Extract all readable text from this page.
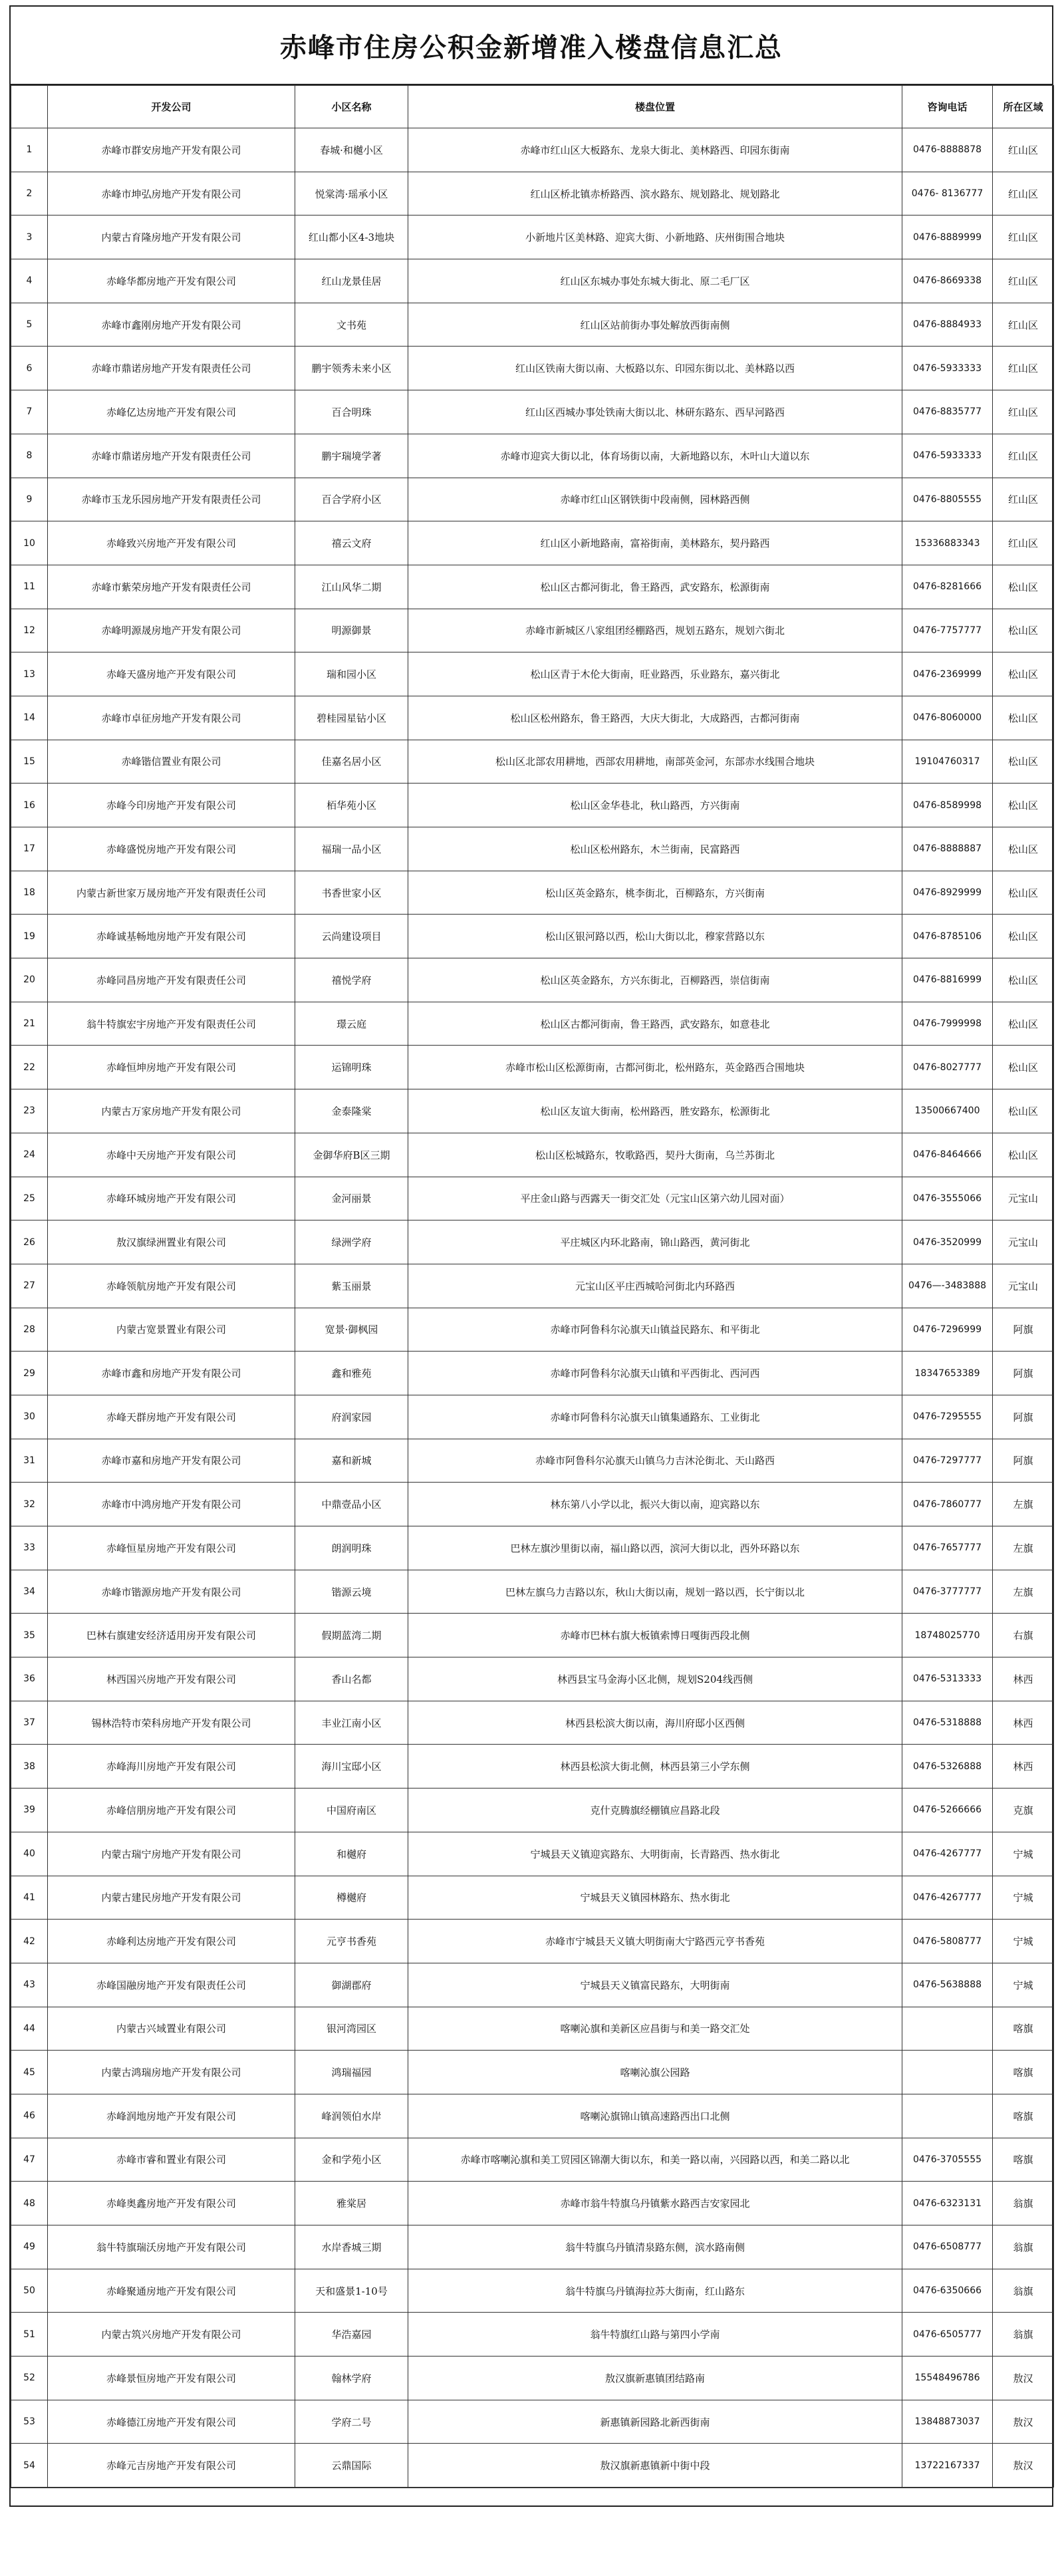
赤峰市住房公积金新增准入楼盘信息汇总
	开发公司	小区名称	楼盘位置	咨询电话	所在区域
1	赤峰市群安房地产开发有限公司	春城·和樾小区	赤峰市红山区大板路东、龙泉大街北、美林路西、印园东街南	0476-8888878	红山区
2	赤峰市坤弘房地产开发有限公司	悦棠湾·瑶承小区	红山区桥北镇赤桥路西、滨水路东、规划路北、规划路北	0476- 8136777	红山区
3	内蒙古育隆房地产开发有限公司	红山都小区4-3地块	小新地片区美林路、迎宾大街、小新地路、庆州街围合地块	0476-8889999	红山区
4	赤峰华都房地产开发有限公司	红山龙景佳居	红山区东城办事处东城大街北、原二毛厂区	0476-8669338	红山区
5	赤峰市鑫刚房地产开发有限公司	文书苑	红山区站前街办事处解放西街南侧	0476-8884933	红山区
6	赤峰市鼎诺房地产开发有限责任公司	鹏宇领秀未来小区	红山区铁南大街以南、大板路以东、印园东街以北、美林路以西	0476-5933333	红山区
7	赤峰亿达房地产开发有限公司	百合明珠	红山区西城办事处铁南大街以北、林研东路东、西早河路西	0476-8835777	红山区
8	赤峰市鼎诺房地产开发有限责任公司	鹏宇瑞境学著	赤峰市迎宾大街以北，体育场街以南，大新地路以东，木叶山大道以东	0476-5933333	红山区
9	赤峰市玉龙乐园房地产开发有限责任公司	百合学府小区	赤峰市红山区钢铁街中段南侧，园林路西侧	0476-8805555	红山区
10	赤峰致兴房地产开发有限公司	禧云文府	红山区小新地路南，富裕街南，美林路东，契丹路西	15336883343	红山区
11	赤峰市紫荣房地产开发有限责任公司	江山风华二期	松山区古都河街北，鲁王路西，武安路东，松源街南	0476-8281666	松山区
12	赤峰明源晟房地产开发有限公司	明源御景	赤峰市新城区八家组团经棚路西，规划五路东，规划六街北	0476-7757777	松山区
13	赤峰天盛房地产开发有限公司	瑞和园小区	松山区青于木伦大街南，旺业路西，乐业路东，嘉兴街北	0476-2369999	松山区
14	赤峰市卓征房地产开发有限公司	碧桂园星钻小区	松山区松州路东，鲁王路西，大庆大街北，大成路西，古都河街南	0476-8060000	松山区
15	赤峰锴信置业有限公司	佳嘉名居小区	松山区北部农用耕地，西部农用耕地，南部英金河，东部赤水线围合地块	19104760317	松山区
16	赤峰今印房地产开发有限公司	栢华苑小区	松山区金华巷北，秋山路西，方兴街南	0476-8589998	松山区
17	赤峰盛悦房地产开发有限公司	福瑞一品小区	松山区松州路东，木兰街南，民富路西	0476-8888887	松山区
18	内蒙古新世家万晟房地产开发有限责任公司	书香世家小区	松山区英金路东，桃李街北，百柳路东，方兴街南	0476-8929999	松山区
19	赤峰诚基畅地房地产开发有限公司	云尚建设项目	松山区银河路以西，松山大街以北，穆家营路以东	0476-8785106	松山区
20	赤峰同昌房地产开发有限责任公司	禧悦学府	松山区英金路东，方兴东街北，百柳路西，崇信街南	0476-8816999	松山区
21	翁牛特旗宏宇房地产开发有限责任公司	璟云庭	松山区古都河街南，鲁王路西，武安路东，如意巷北	0476-7999998	松山区
22	赤峰恒坤房地产开发有限公司	运锦明珠	赤峰市松山区松源街南，古都河街北，松州路东，英金路西合围地块	0476-8027777	松山区
23	内蒙古万家房地产开发有限公司	金泰隆棠	松山区友谊大街南，松州路西，胜安路东，松源街北	13500667400	松山区
24	赤峰中天房地产开发有限公司	金御华府B区三期	松山区松城路东，牧歌路西，契丹大街南，乌兰苏街北	0476-8464666	松山区
25	赤峰环城房地产开发有限公司	金河丽景	平庄金山路与西露天一街交汇处（元宝山区第六幼儿园对面）	0476-3555066	元宝山
26	敖汉旗绿洲置业有限公司	绿洲学府	平庄城区内环北路南，锦山路西，黄河街北	0476-3520999	元宝山
27	赤峰领航房地产开发有限公司	紫玉丽景	元宝山区平庄西城哈河街北内环路西	0476—-3483888	元宝山
28	内蒙古宽景置业有限公司	宽景·御枫园	赤峰市阿鲁科尔沁旗天山镇益民路东、和平街北	0476-7296999	阿旗
29	赤峰市鑫和房地产开发有限公司	鑫和雅苑	赤峰市阿鲁科尔沁旗天山镇和平西街北、西河西	18347653389	阿旗
30	赤峰天群房地产开发有限公司	府润家园	赤峰市阿鲁科尔沁旗天山镇集通路东、工业街北	0476-7295555	阿旗
31	赤峰市嘉和房地产开发有限公司	嘉和新城	赤峰市阿鲁科尔沁旗天山镇乌力吉沐沦街北、天山路西	0476-7297777	阿旗
32	赤峰市中鸿房地产开发有限公司	中鼎壹品小区	林东第八小学以北，振兴大街以南，迎宾路以东	0476-7860777	左旗
33	赤峰恒星房地产开发有限公司	朗润明珠	巴林左旗沙里街以南，福山路以西，滨河大街以北，西外环路以东	0476-7657777	左旗
34	赤峰市锴源房地产开发有限公司	锴源云境	巴林左旗乌力吉路以东，秋山大街以南，规划一路以西，长宁街以北	0476-3777777	左旗
35	巴林右旗建安经济适用房开发有限公司	假期蓝湾二期	赤峰市巴林右旗大板镇索博日嘎街西段北侧	18748025770	右旗
36	林西国兴房地产开发有限公司	香山名都	林西县宝马金海小区北侧，规划S204线西侧	0476-5313333	林西
37	锡林浩特市荣科房地产开发有限公司	丰业江南小区	林西县松滨大街以南，海川府邸小区西侧	0476-5318888	林西
38	赤峰海川房地产开发有限公司	海川宝邸小区	林西县松滨大街北侧，林西县第三小学东侧	0476-5326888	林西
39	赤峰信朋房地产开发有限公司	中国府南区	克什克腾旗经棚镇应昌路北段	0476-5266666	克旗
40	内蒙古瑞宁房地产开发有限公司	和樾府	宁城县天义镇迎宾路东、大明街南，长青路西、热水街北	0476-4267777	宁城
41	内蒙古建民房地产开发有限公司	樽樾府	宁城县天义镇园林路东、热水街北	0476-4267777	宁城
42	赤峰利达房地产开发有限公司	元亨书香苑	赤峰市宁城县天义镇大明街南大宁路西元亨书香苑	0476-5808777	宁城
43	赤峰国融房地产开发有限责任公司	御湖郡府	宁城县天义镇富民路东，大明街南	0476-5638888	宁城
44	内蒙古兴域置业有限公司	银河湾园区	喀喇沁旗和美新区应昌街与和美一路交汇处		喀旗
45	内蒙古鸿瑞房地产开发有限公司	鸿瑞福园	喀喇沁旗公园路		喀旗
46	赤峰润地房地产开发有限公司	峰润领伯水岸	喀喇沁旗锦山镇高速路西出口北侧		喀旗
47	赤峰市睿和置业有限公司	金和学苑小区	赤峰市喀喇沁旗和美工贸园区锦潮大街以东，和美一路以南，兴园路以西，和美二路以北	0476-3705555	喀旗
48	赤峰奥鑫房地产开发有限公司	雅棠居	赤峰市翁牛特旗乌丹镇紫水路西吉安家园北	0476-6323131	翁旗
49	翁牛特旗瑞沃房地产开发有限公司	水岸香城三期	翁牛特旗乌丹镇清泉路东侧，滨水路南侧	0476-6508777	翁旗
50	赤峰聚通房地产开发有限公司	天和盛景1-10号	翁牛特旗乌丹镇海拉苏大街南，红山路东	0476-6350666	翁旗
51	内蒙古筑兴房地产开发有限公司	华浩嘉园	翁牛特旗红山路与第四小学南	0476-6505777	翁旗
52	赤峰景恒房地产开发有限公司	翰林学府	敖汉旗新惠镇团结路南	15548496786	敖汉
53	赤峰德江房地产开发有限公司	学府二号	新惠镇新园路北新西街南	13848873037	敖汉
54	赤峰元吉房地产开发有限公司	云鼎国际	敖汉旗新惠镇新中街中段	13722167337	敖汉
